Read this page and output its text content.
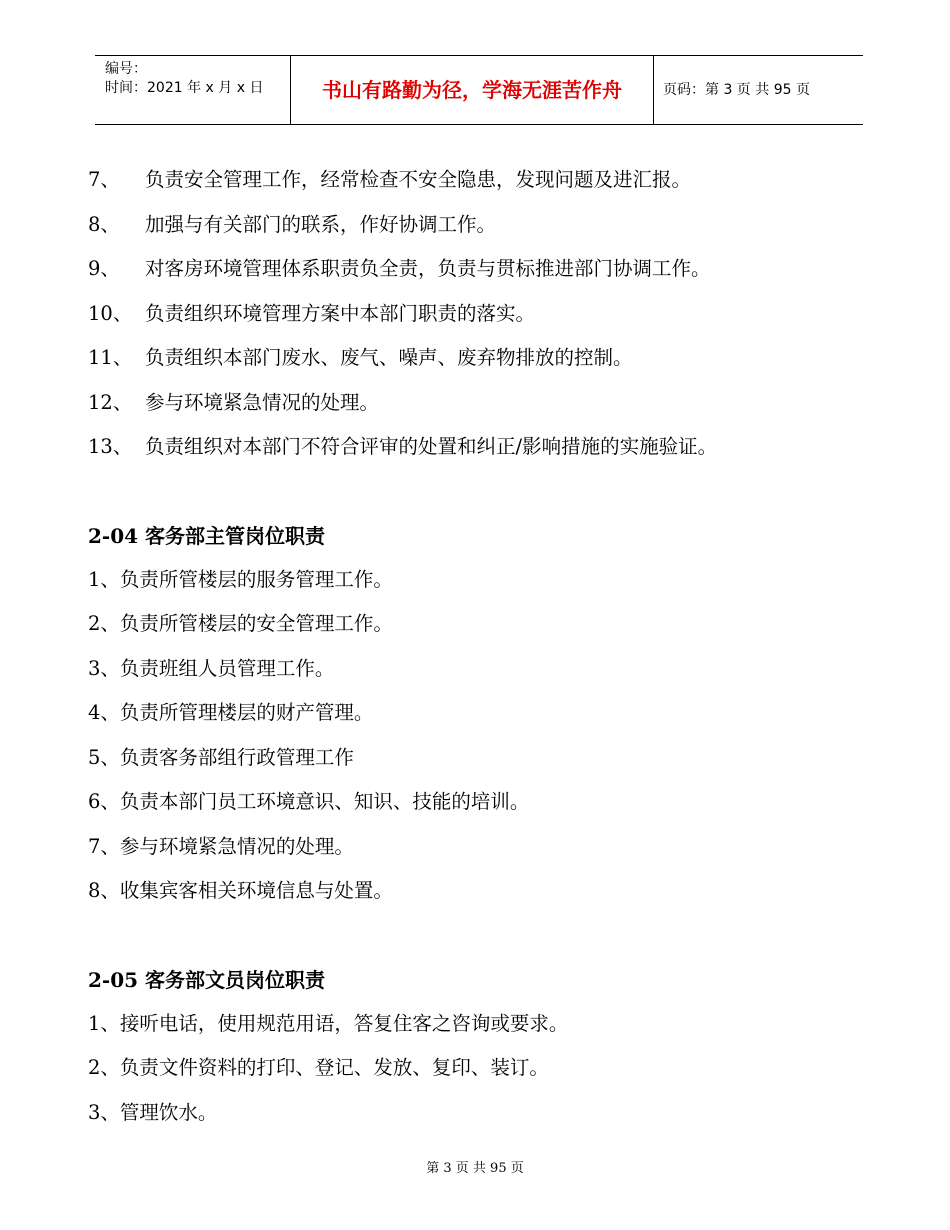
编号：
时间：2021 年 x 月 x 日	书山有路勤为径，学海无涯苦作舟	页码：第 3 页 共 95 页
7、 负责安全管理工作，经常检查不安全隐患，发现问题及进汇报。
8、 加强与有关部门的联系，作好协调工作。
9、 对客房环境管理体系职责负全责，负责与贯标推进部门协调工作。
10、 负责组织环境管理方案中本部门职责的落实。
11、 负责组织本部门废水、废气、噪声、废弃物排放的控制。
12、 参与环境紧急情况的处理。
13、 负责组织对本部门不符合评审的处置和纠正/影响措施的实施验证。
2-04 客务部主管岗位职责
1、负责所管楼层的服务管理工作。
2、负责所管楼层的安全管理工作。
3、负责班组人员管理工作。
4、负责所管理楼层的财产管理。
5、负责客务部组行政管理工作
6、负责本部门员工环境意识、知识、技能的培训。
7、参与环境紧急情况的处理。
8、收集宾客相关环境信息与处置。
2-05 客务部文员岗位职责
1、接听电话，使用规范用语，答复住客之咨询或要求。
2、负责文件资料的打印、登记、发放、复印、装订。
3、管理饮水。
第 3 页 共 95 页
